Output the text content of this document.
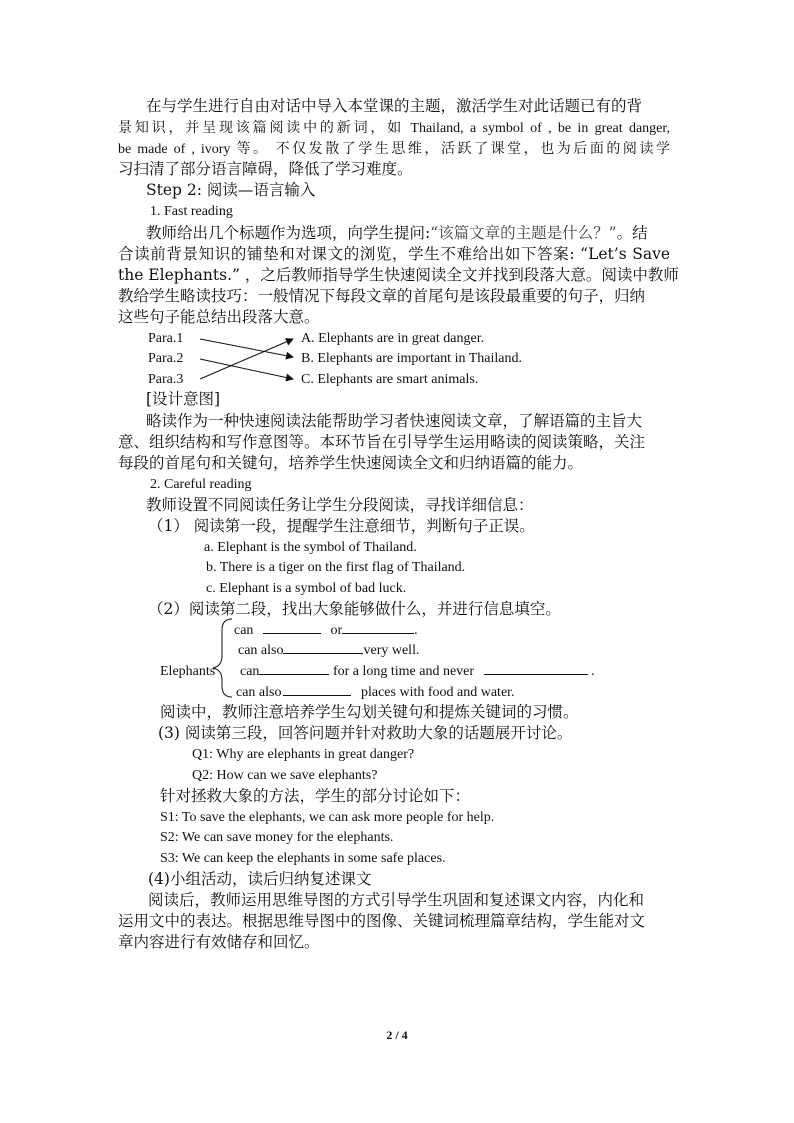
在与学生进行自由对话中导入本堂课的主题，激活学生对此话题已有的背
景知识，并呈现该篇阅读中的新词，如 Thailand, a symbol of , be in great danger,
be made of , ivory 等。 不仅发散了学生思维，活跃了课堂，也为后面的阅读学
习扫清了部分语言障碍，降低了学习难度。
Step 2: 阅读—语言输入
1. Fast reading
教师给出几个标题作为选项，向学生提问:“该篇文章的主题是什么？”。结
合读前背景知识的铺垫和对课文的浏览，学生不难给出如下答案: “Let’s Save
the Elephants.” ，之后教师指导学生快速阅读全文并找到段落大意。阅读中教师
教给学生略读技巧：一般情况下每段文章的首尾句是该段最重要的句子，归纳
这些句子能总结出段落大意。
Para.1
Para.2
Para.3
A. Elephants are in great danger.
B. Elephants are important in Thailand.
C. Elephants are smart animals.
[设计意图]
略读作为一种快速阅读法能帮助学习者快速阅读文章，了解语篇的主旨大
意、组织结构和写作意图等。本环节旨在引导学生运用略读的阅读策略，关注
每段的首尾句和关键句，培养学生快速阅读全文和归纳语篇的能力。
2. Careful reading
教师设置不同阅读任务让学生分段阅读，寻找详细信息：
（1） 阅读第一段，提醒学生注意细节，判断句子正误。
a. Elephant is the symbol of Thailand.
b. There is a tiger on the first flag of Thailand.
c. Elephant is a symbol of bad luck.
（2）阅读第二段，找出大象能够做什么，并进行信息填空。
Elephants
can	or	.
can also	very well.
can	for a long time and never	.
can also	places with food and water.
阅读中，教师注意培养学生勾划关键句和提炼关键词的习惯。
(3) 阅读第三段，回答问题并针对救助大象的话题展开讨论。
Q1: Why are elephants in great danger?
Q2: How can we save elephants?
针对拯救大象的方法，学生的部分讨论如下：
S1: To save the elephants, we can ask more people for help.
S2: We can save money for the elephants.
S3: We can keep the elephants in some safe places.
(4)小组活动，读后归纳复述课文
阅读后，教师运用思维导图的方式引导学生巩固和复述课文内容，内化和
运用文中的表达。根据思维导图中的图像、关键词梳理篇章结构，学生能对文
章内容进行有效储存和回忆。
2 / 4
